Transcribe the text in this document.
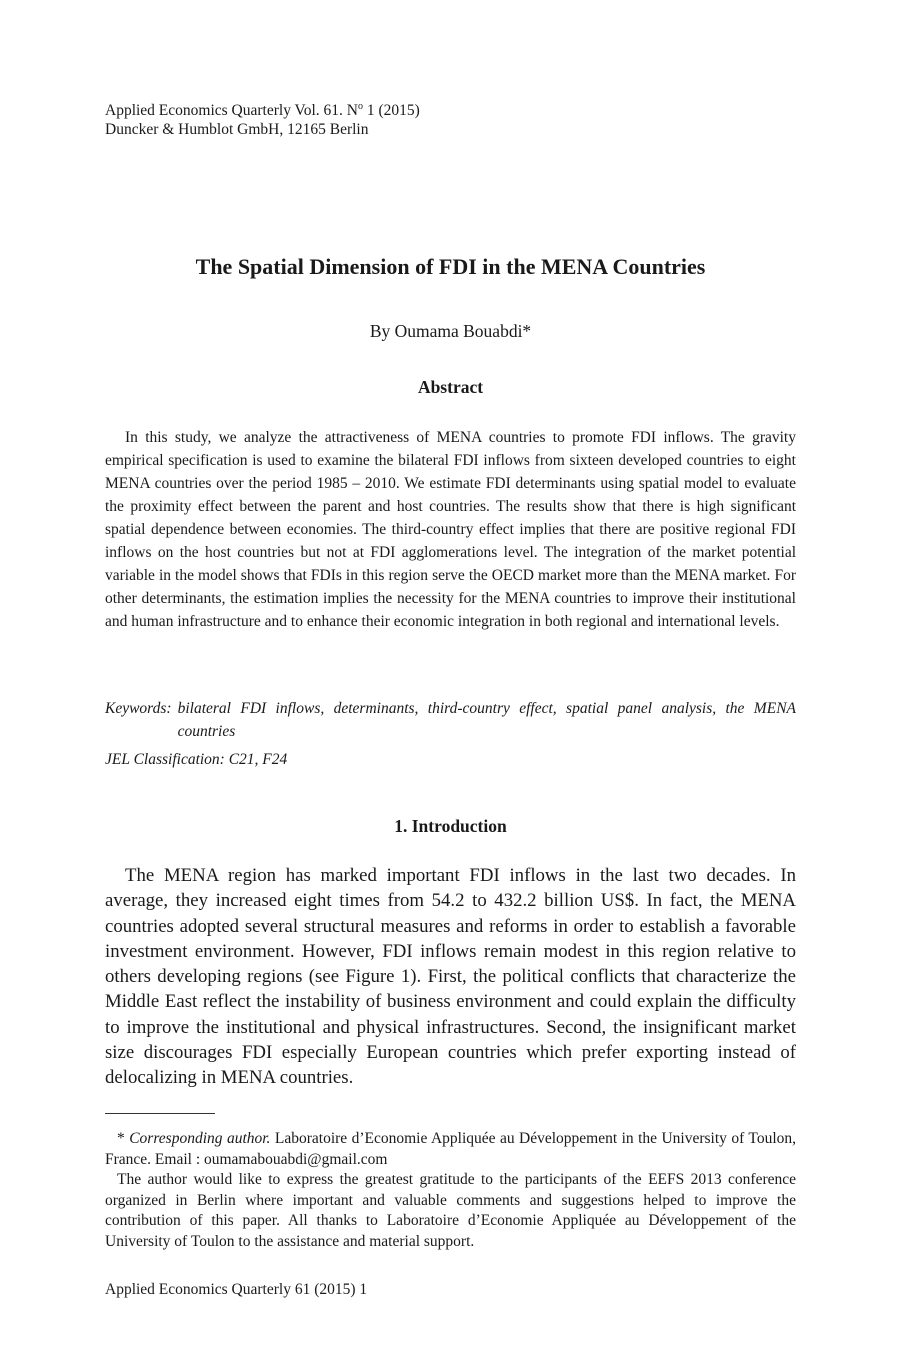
Applied Economics Quarterly Vol. 61. $N^o$ 1 (2015)
Duncker & Humblot GmbH, 12165 Berlin
The Spatial Dimension of FDI in the MENA Countries
By Oumama Bouabdi*
Abstract

In this study, we analyze the attractiveness of MENA countries to promote FDI inflows. The gravity empirical specification is used to examine the bilateral FDI inflows from sixteen developed countries to eight MENA countries over the period 1985 – 2010. We estimate FDI determinants using spatial model to evaluate the proximity effect between the parent and host countries. The results show that there is high significant spatial dependence between economies. The third-country effect implies that there are positive regional FDI inflows on the host countries but not at FDI agglomerations level. The integration of the market potential variable in the model shows that FDIs in this region serve the OECD market more than the MENA market. For other determinants, the estimation implies the necessity for the MENA countries to improve their institutional and human infrastructure and to enhance their economic integration in both regional and international levels.

Keywords: bilateral FDI inflows, determinants, third-country effect, spatial panel analysis, the MENA countries
JEL Classification: C21, F24
1. Introduction

The MENA region has marked important FDI inflows in the last two decades. In average, they increased eight times from 54.2 to 432.2 billion US$. In fact, the MENA countries adopted several structural measures and reforms in order to establish a favorable investment environment. However, FDI inflows remain modest in this region relative to others developing regions (see Figure 1). First, the political conflicts that characterize the Middle East reflect the instability of business environment and could explain the difficulty to improve the institutional and physical infrastructures. Second, the insignificant market size discourages FDI especially European countries which prefer exporting instead of delocalizing in MENA countries.

* Corresponding author. Laboratoire d’Economie Appliquée au Développement in the University of Toulon, France. Email : oumamabouabdi@gmail.com

The author would like to express the greatest gratitude to the participants of the EEFS 2013 conference organized in Berlin where important and valuable comments and suggestions helped to improve the contribution of this paper. All thanks to Laboratoire d’Economie Appliquée au Développement of the University of Toulon to the assistance and material support.

Applied Economics Quarterly 61 (2015) 1
